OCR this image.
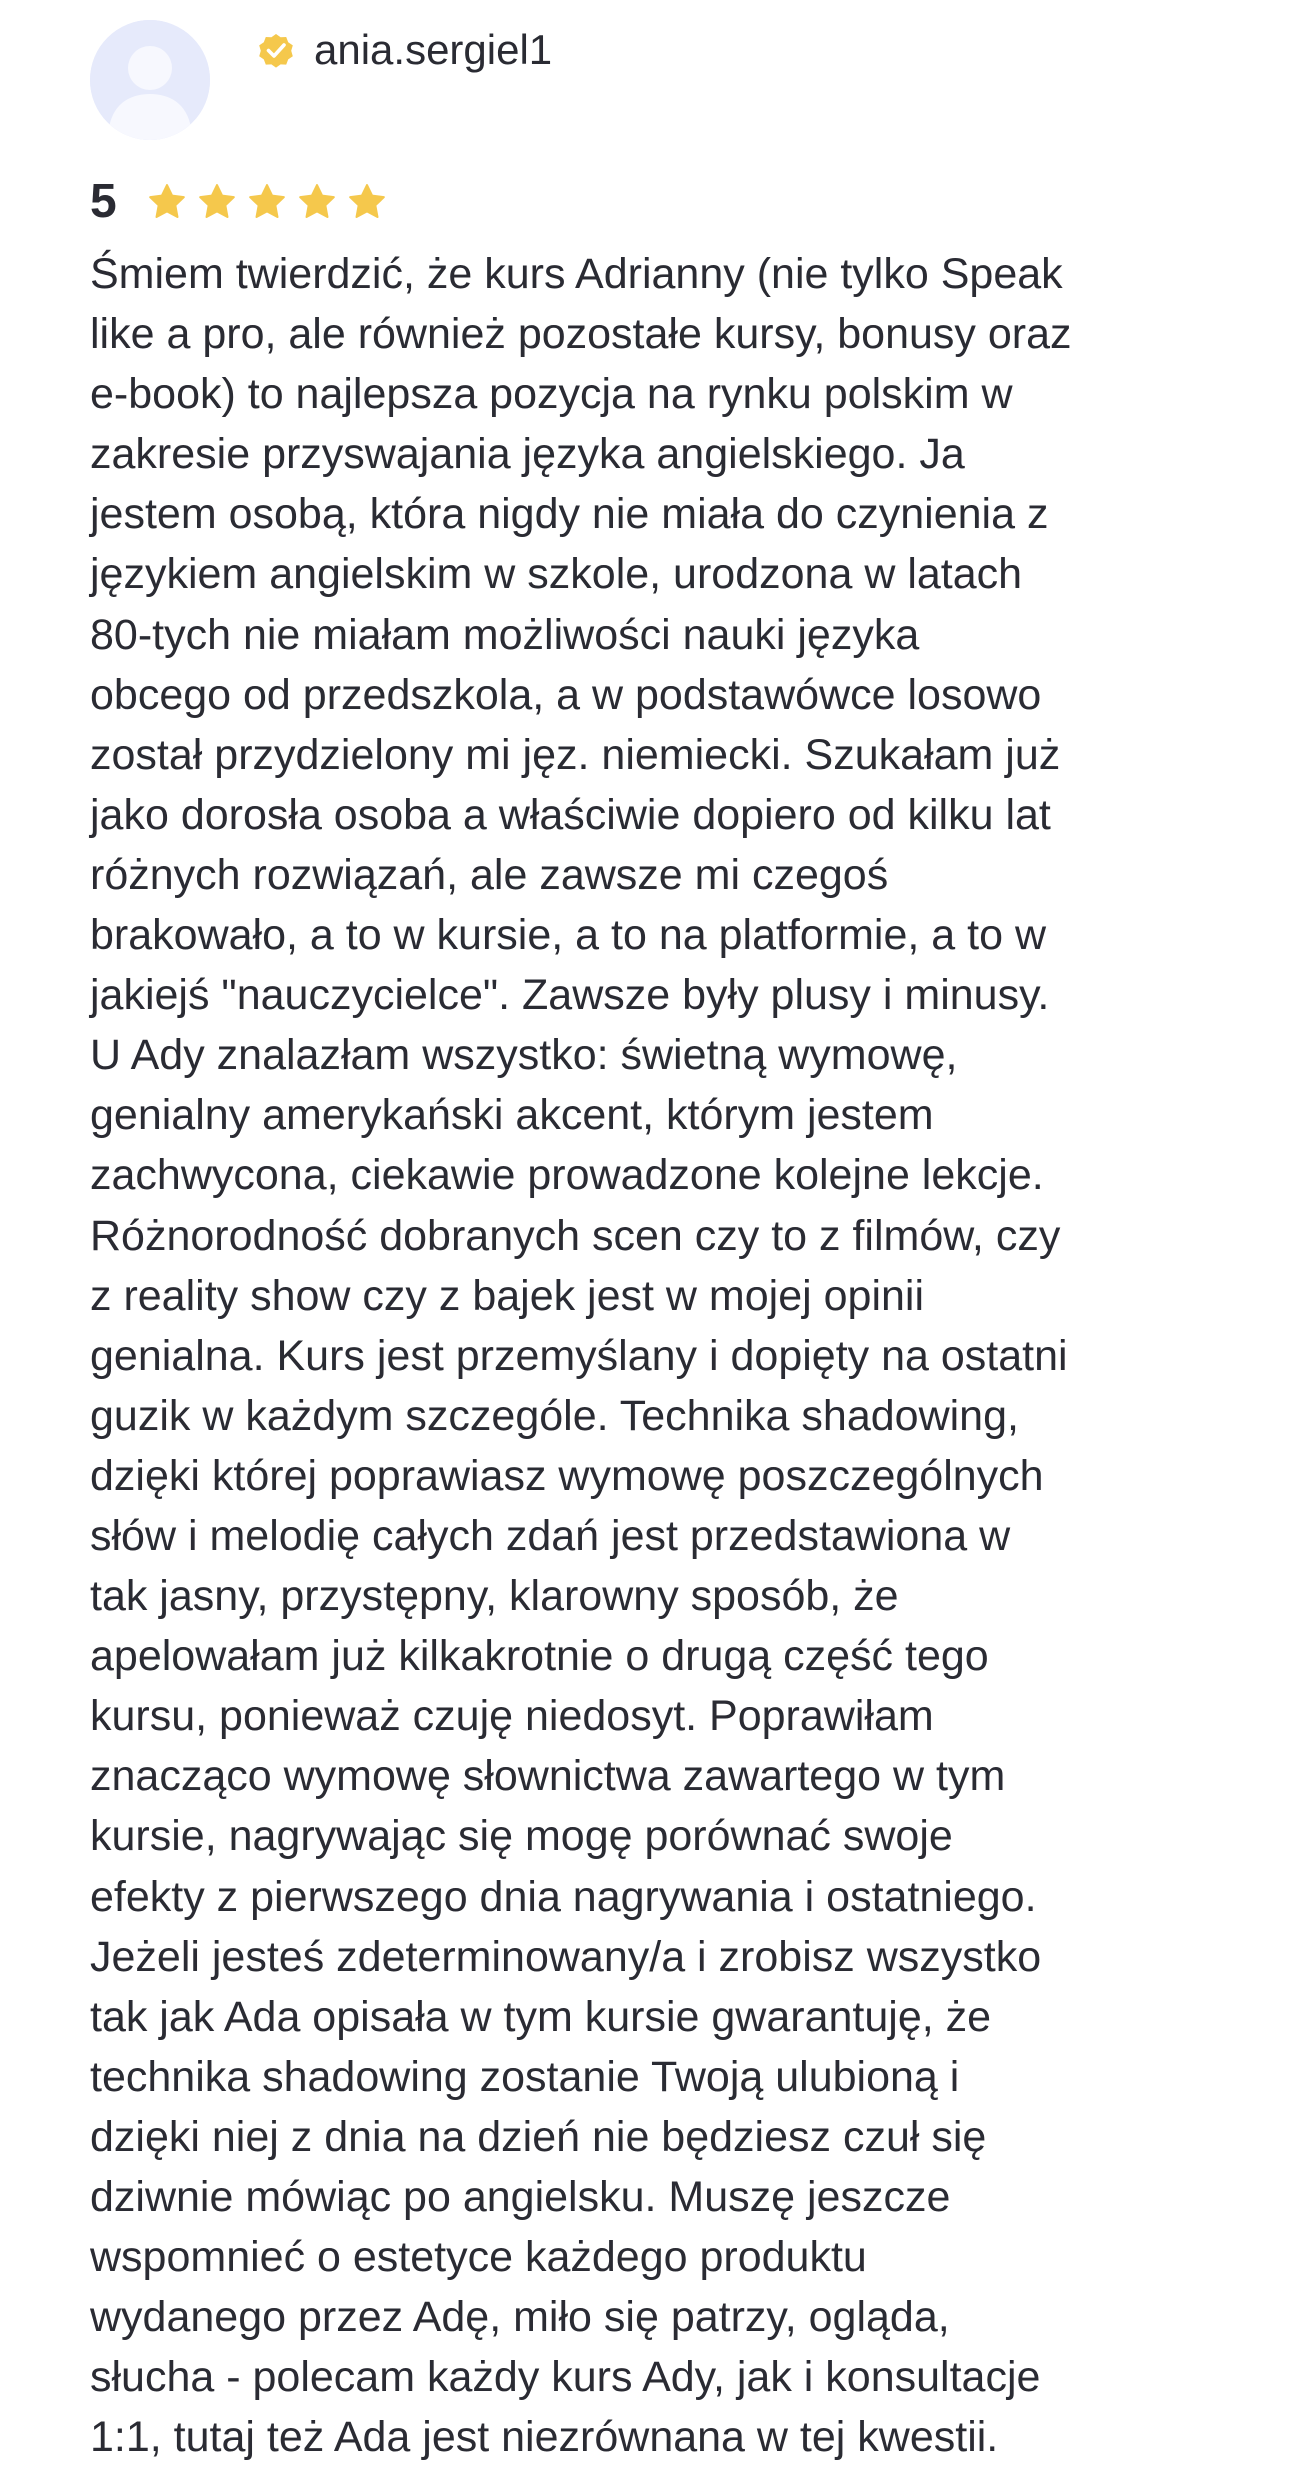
ania.sergiel1
5

Śmiem twierdzić, że kurs Adrianny (nie tylko Speak
like a pro, ale również pozostałe kursy, bonusy oraz
e-book) to najlepsza pozycja na rynku polskim w
zakresie przyswajania języka angielskiego. Ja
jestem osobą, która nigdy nie miała do czynienia z
językiem angielskim w szkole, urodzona w latach
80-tych nie miałam możliwości nauki języka
obcego od przedszkola, a w podstawówce losowo
został przydzielony mi jęz. niemiecki. Szukałam już
jako dorosła osoba a właściwie dopiero od kilku lat
różnych rozwiązań, ale zawsze mi czegoś
brakowało, a to w kursie, a to na platformie, a to w
jakiejś "nauczycielce". Zawsze były plusy i minusy.
U Ady znalazłam wszystko: świetną wymowę,
genialny amerykański akcent, którym jestem
zachwycona, ciekawie prowadzone kolejne lekcje.
Różnorodność dobranych scen czy to z filmów, czy
z reality show czy z bajek jest w mojej opinii
genialna. Kurs jest przemyślany i dopięty na ostatni
guzik w każdym szczególe. Technika shadowing,
dzięki której poprawiasz wymowę poszczególnych
słów i melodię całych zdań jest przedstawiona w
tak jasny, przystępny, klarowny sposób, że
apelowałam już kilkakrotnie o drugą część tego
kursu, ponieważ czuję niedosyt. Poprawiłam
znacząco wymowę słownictwa zawartego w tym
kursie, nagrywając się mogę porównać swoje
efekty z pierwszego dnia nagrywania i ostatniego.
Jeżeli jesteś zdeterminowany/a i zrobisz wszystko
tak jak Ada opisała w tym kursie gwarantuję, że
technika shadowing zostanie Twoją ulubioną i
dzięki niej z dnia na dzień nie będziesz czuł się
dziwnie mówiąc po angielsku. Muszę jeszcze
wspomnieć o estetyce każdego produktu
wydanego przez Adę, miło się patrzy, ogląda,
słucha - polecam każdy kurs Ady, jak i konsultacje
1:1, tutaj też Ada jest niezrównana w tej kwestii.
